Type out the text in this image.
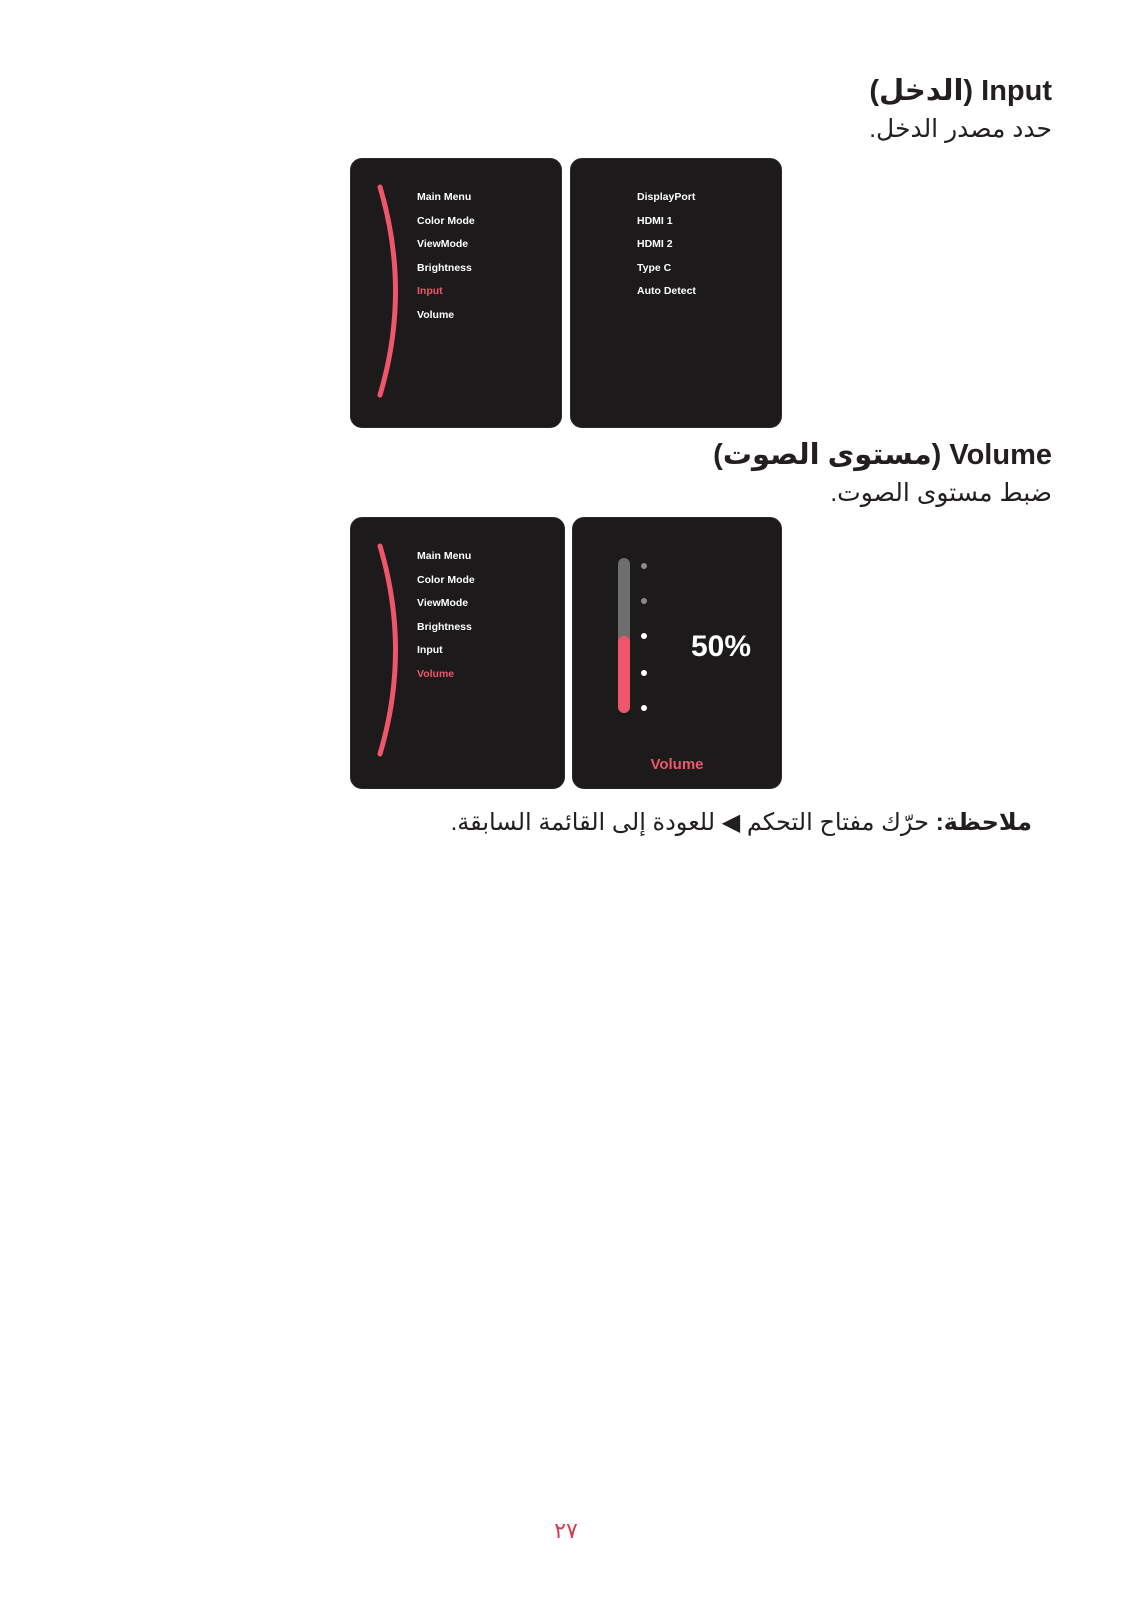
Input (الدخل)

حدد مصدر الدخل.

Main Menu
Color Mode
ViewMode
Brightness
Input
Volume
DisplayPort
HDMI 1
HDMI 2
Type C
Auto Detect
Volume (مستوى الصوت)

ضبط مستوى الصوت.

Main Menu
Color Mode
ViewMode
Brightness
Input
Volume
50%
Volume

ملاحظة: حرّك مفتاح التحكم ◀ للعودة إلى القائمة السابقة.

٢٧
